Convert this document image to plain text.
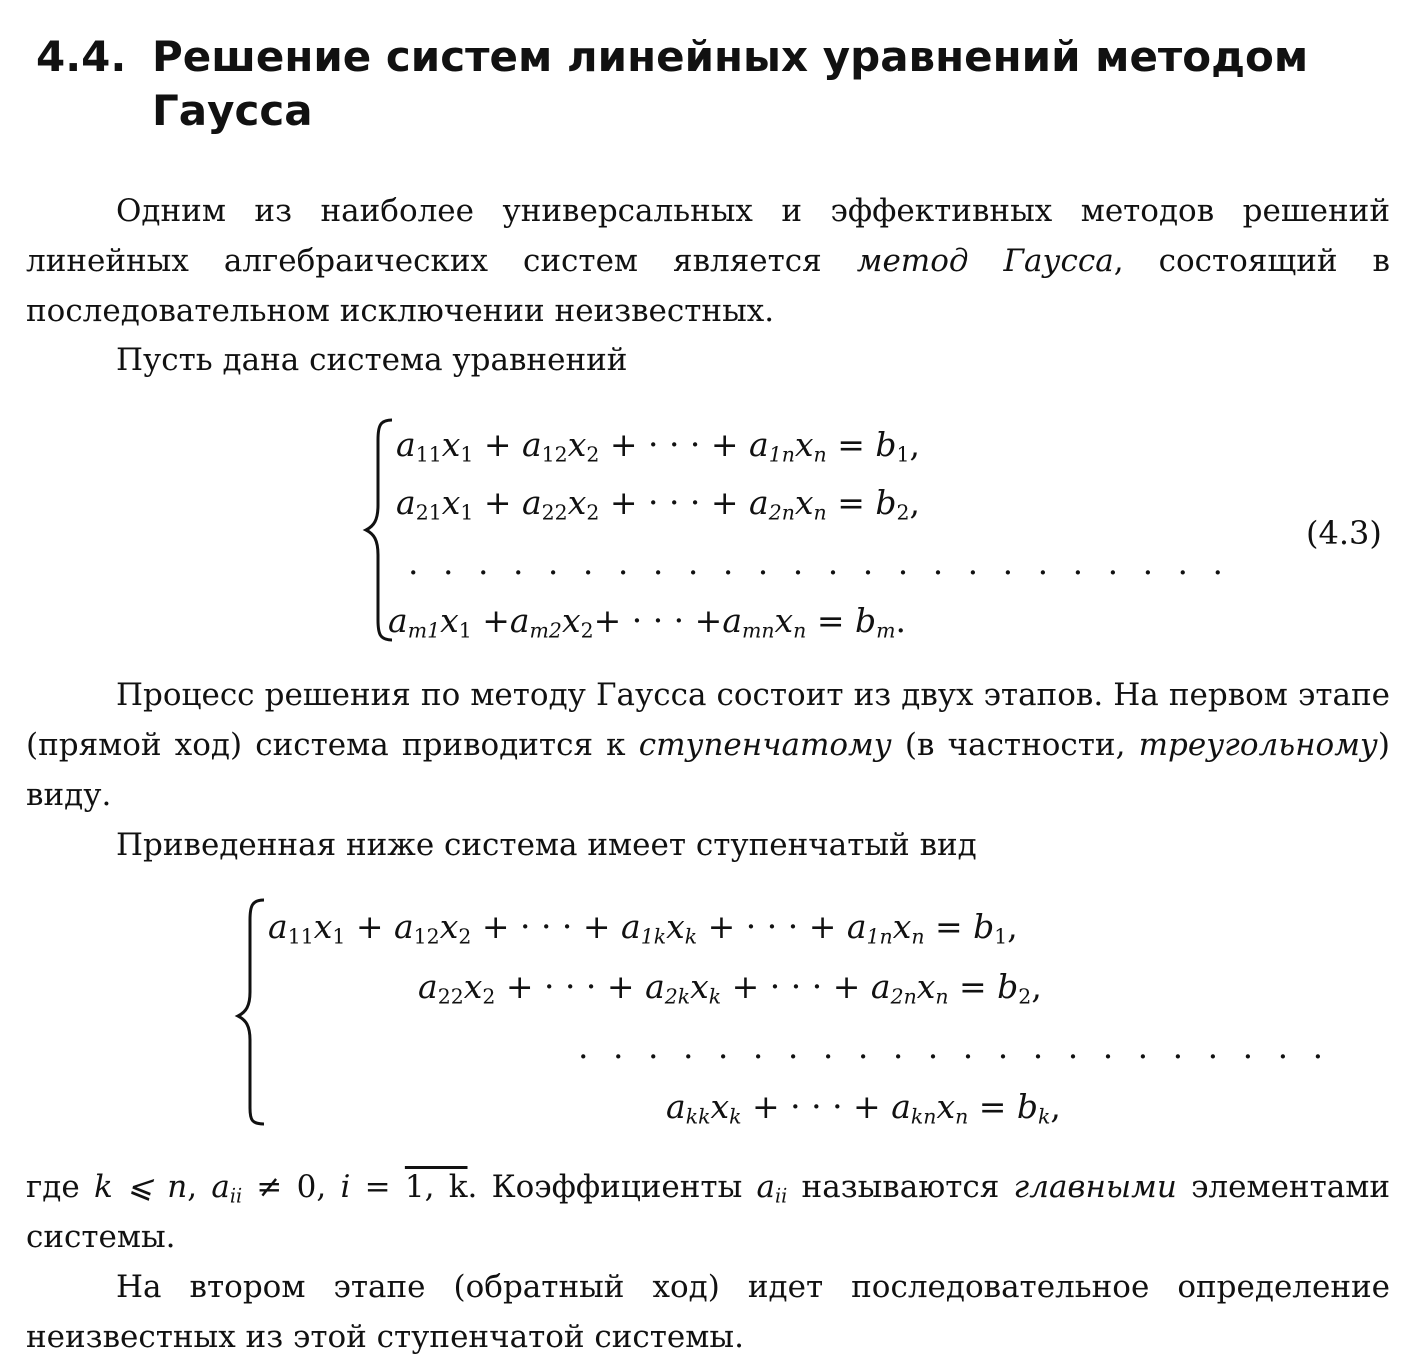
4.4. Решение систем линейных уравнений методом Гаусса

Одним из наиболее универсальных и эффективных методов решений линейных алгебраических систем является метод Гаусса, состоящий в последовательном исключении неизвестных.

Пусть дана система уравнений

$a_{11}x_1 + a_{12}x_2$ + · · · + $a_{1n}x_n = b_1$,
$a_{21}x_1 + a_{22}x_2$ + · · · + $a_{2n}x_n = b_2$,
. . . . . . . . . . . . . . . . . . . . . . . .
$a_{m1}x_1 +a_{m2}x_2+$ · · · $+a_{mn}x_n = b_m$.
(4.3)

Процесс решения по методу Гаусса состоит из двух этапов. На первом этапе (прямой ход) система приводится к ступенчатому (в частности, треугольному) виду.

Приведенная ниже система имеет ступенчатый вид

$a_{11}x_1 + a_{12}x_2$ + · · · + $a_{1k}x_k$ + · · · + $a_{1n}x_n = b_1$,
$a_{22}x_2$ + · · · + $a_{2k}x_k$ + · · · + $a_{2n}x_n = b_2$,
. . . . . . . . . . . . . . . . . . . . . .
$a_{kk}x_k$ + · · · + $a_{kn}x_n = b_k$,

где k ⩽ n, $a_{ii} \ne 0$, i = 1, k. Коэффициенты $a_{ii}$ называются главными элементами системы.

На втором этапе (обратный ход) идет последовательное определение неизвестных из этой ступенчатой системы.
